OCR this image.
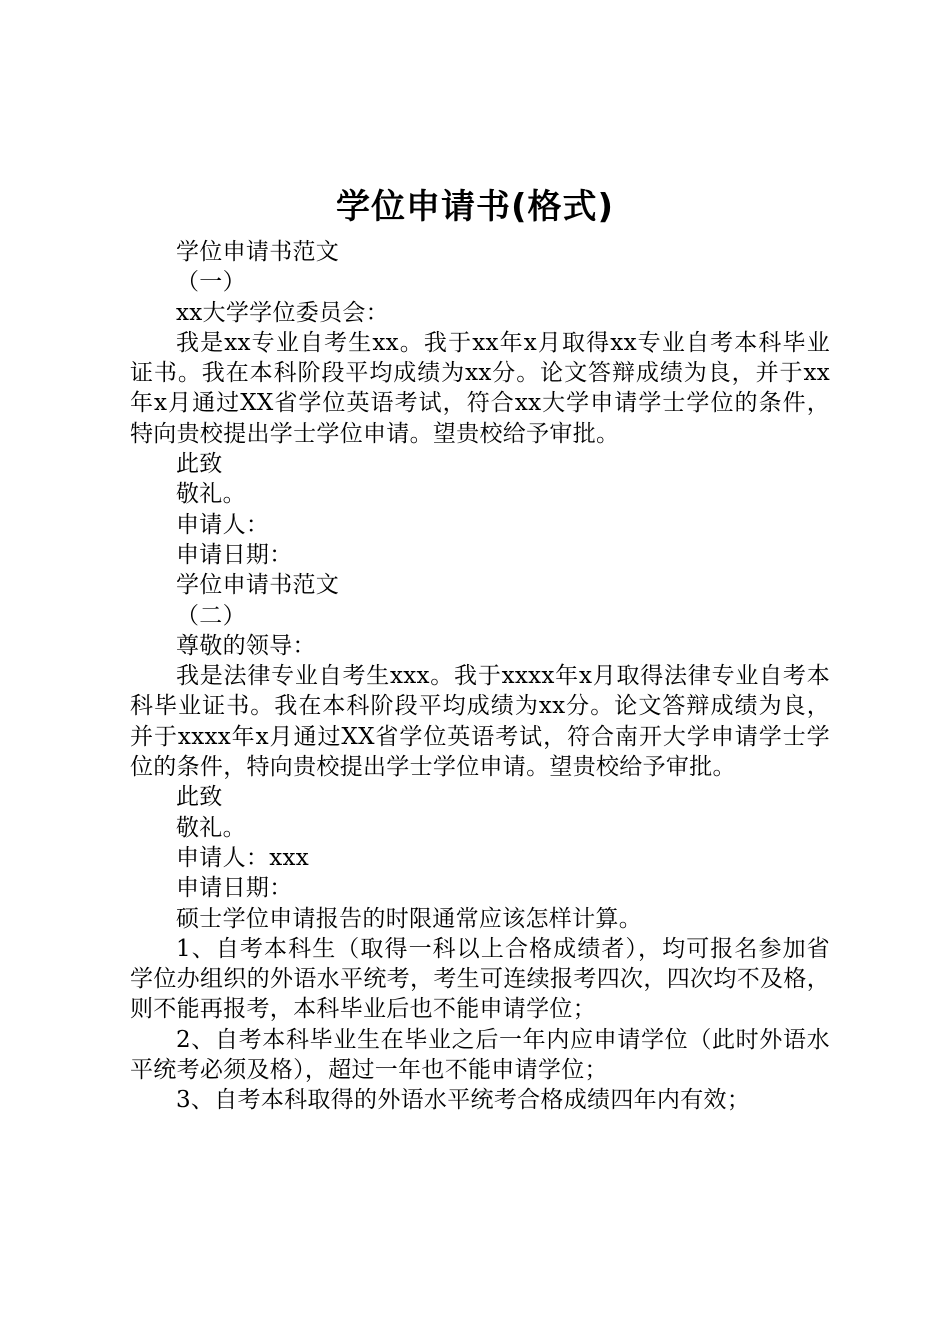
学位申请书(格式)

学位申请书范文

（一）

xx大学学位委员会：

我是xx专业自考生xx。我于xx年x月取得xx专业自考本科毕业证书。我在本科阶段平均成绩为xx分。论文答辩成绩为良，并于xx年x月通过XX省学位英语考试，符合xx大学申请学士学位的条件，特向贵校提出学士学位申请。望贵校给予审批。

此致

敬礼。

申请人：

申请日期：

学位申请书范文

（二）

尊敬的领导：

我是法律专业自考生xxx。我于xxxx年x月取得法律专业自考本科毕业证书。我在本科阶段平均成绩为xx分。论文答辩成绩为良，并于xxxx年x月通过XX省学位英语考试，符合南开大学申请学士学位的条件，特向贵校提出学士学位申请。望贵校给予审批。

此致

敬礼。

申请人：xxx

申请日期：

硕士学位申请报告的时限通常应该怎样计算。

1、自考本科生（取得一科以上合格成绩者），均可报名参加省学位办组织的外语水平统考，考生可连续报考四次，四次均不及格，则不能再报考，本科毕业后也不能申请学位；

2、自考本科毕业生在毕业之后一年内应申请学位（此时外语水平统考必须及格），超过一年也不能申请学位；

3、自考本科取得的外语水平统考合格成绩四年内有效；
